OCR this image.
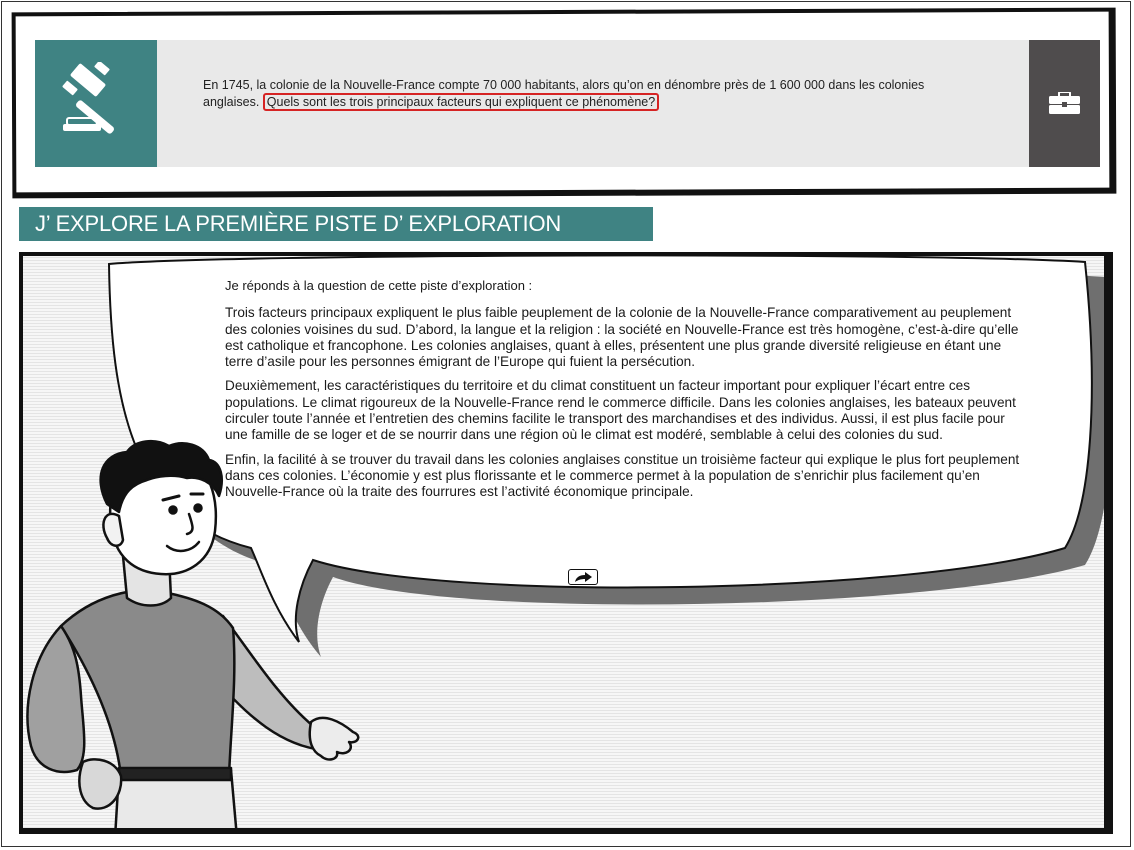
En 1745, la colonie de la Nouvelle-France compte 70 000 habitants, alors qu’on en dénombre près de 1 600 000 dans les colonies anglaises. Quels sont les trois principaux facteurs qui expliquent ce phénomène?
J’ EXPLORE LA PREMIÈRE PISTE D’ EXPLORATION

Je réponds à la question de cette piste d’exploration :

Trois facteurs principaux expliquent le plus faible peuplement de la colonie de la Nouvelle-France comparativement au peuplement des colonies voisines du sud. D’abord, la langue et la religion : la société en Nouvelle-France est très homogène, c’est-à-dire qu’elle est catholique et francophone. Les colonies anglaises, quant à elles, présentent une plus grande diversité religieuse en étant une terre d’asile pour les personnes émigrant de l’Europe qui fuient la persécution.

Deuxièmement, les caractéristiques du territoire et du climat constituent un facteur important pour expliquer l’écart entre ces populations. Le climat rigoureux de la Nouvelle-France rend le commerce difficile. Dans les colonies anglaises, les bateaux peuvent circuler toute l’année et l’entretien des chemins facilite le transport des marchandises et des individus. Aussi, il est plus facile pour une famille de se loger et de se nourrir dans une région où le climat est modéré, semblable à celui des colonies du sud.

Enfin, la facilité à se trouver du travail dans les colonies anglaises constitue un troisième facteur qui explique le plus fort peuplement dans ces colonies. L’économie y est plus florissante et le commerce permet à la population de s’enrichir plus facilement qu’en Nouvelle-France où la traite des fourrures est l’activité économique principale.
